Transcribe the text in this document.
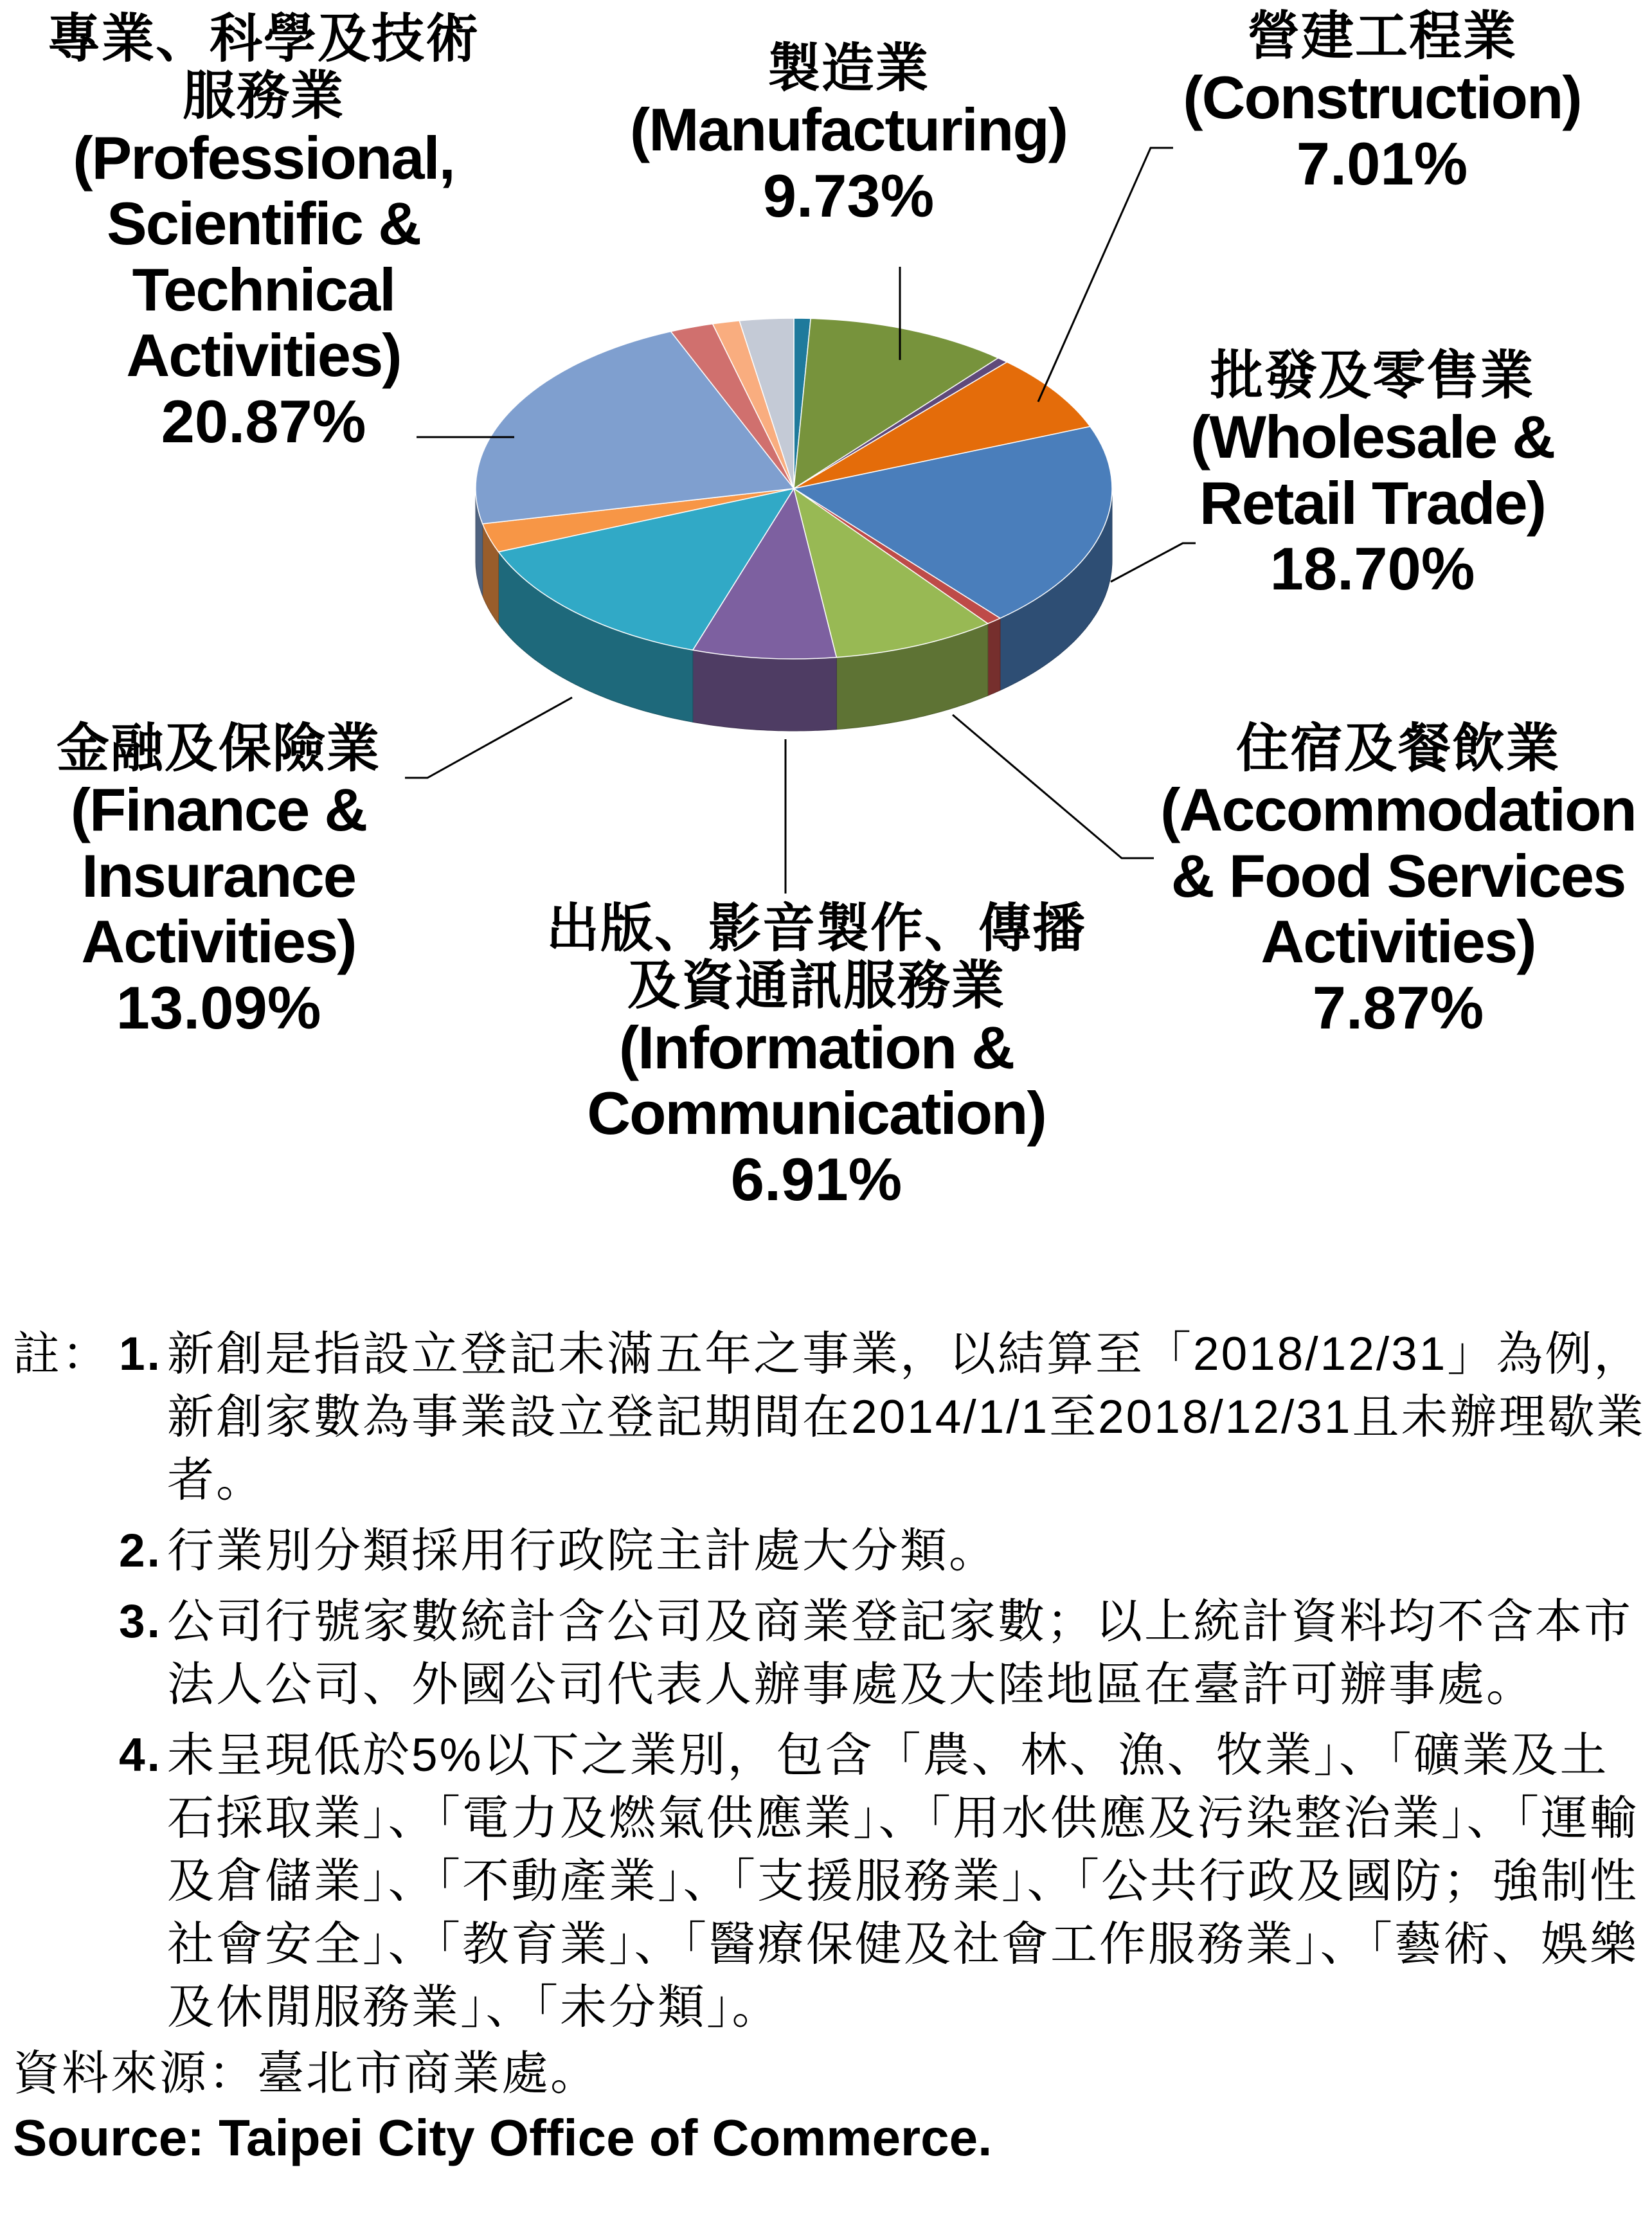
製造業
(Manufacturing)
9.73%
營建工程業
(Construction)
7.01%
批發及零售業
(Wholesale &
Retail Trade)
18.70%
住宿及餐飲業
(Accommodation
& Food Services
Activities)
7.87%
出版、影音製作、傳播
及資通訊服務業
(Information &
Communication)
6.91%
金融及保險業
(Finance &
Insurance
Activities)
13.09%
專業、科學及技術
服務業
(Professional,
Scientific &
Technical
Activities)
20.87%
註： 1. 新創是指設立登記未滿五年之事業，以結算至「2018/12/31」為例，新創家數為事業設立登記期間在2014/1/1至2018/12/31且未辦理歇業者。
2. 行業別分類採用行政院主計處大分類。
3. 公司行號家數統計含公司及商業登記家數；以上統計資料均不含本市法人公司、外國公司代表人辦事處及大陸地區在臺許可辦事處。
4. 未呈現低於5%以下之業別，包含「農、林、漁、牧業」、「礦業及土石採取業」、「電力及燃氣供應業」、「用水供應及污染整治業」、「運輸及倉儲業」、「不動產業」、「支援服務業」、「公共行政及國防；強制性社會安全」、「教育業」、「醫療保健及社會工作服務業」、「藝術、娛樂及休閒服務業」、「未分類」。
資料來源：臺北市商業處。
Source: Taipei City Office of Commerce.
